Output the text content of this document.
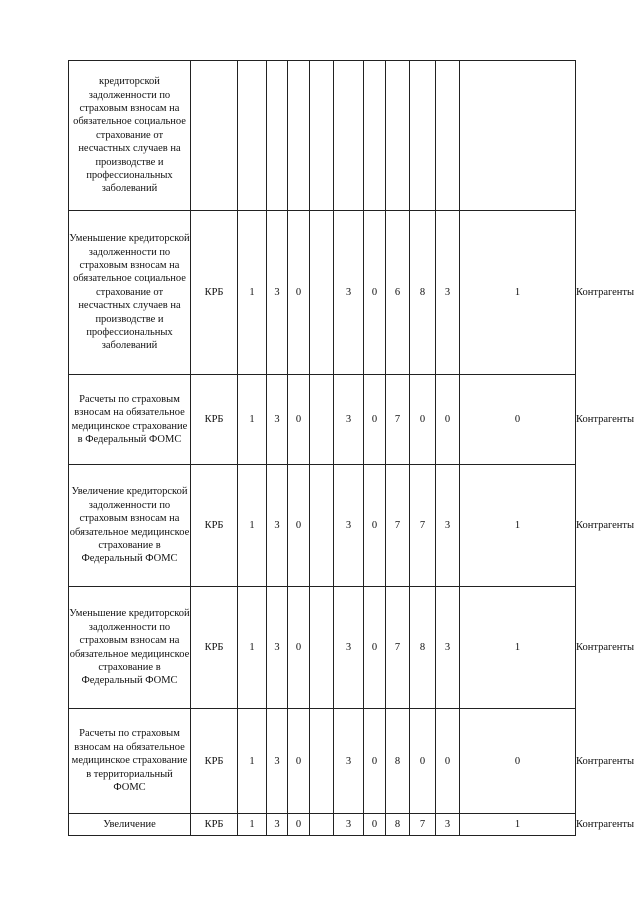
кредиторской задолженности по страховым взносам на обязательное социальное страхование от несчастных случаев на производстве и профессиональных заболеваний												
Уменьшение кредиторской задолженности по страховым взносам на обязательное социальное страхование от несчастных случаев на производстве и профессиональных заболеваний	КРБ	1	3	0		3	0	6	8	3	1	Контрагенты
Расчеты по страховым взносам на обязательное медицинское страхование в Федеральный ФОМС	КРБ	1	3	0		3	0	7	0	0	0	Контрагенты
Увеличение кредиторской задолженности по страховым взносам на обязательное медицинское страхование в Федеральный ФОМС	КРБ	1	3	0		3	0	7	7	3	1	Контрагенты
Уменьшение кредиторской задолженности по страховым взносам на обязательное медицинское страхование в Федеральный ФОМС	КРБ	1	3	0		3	0	7	8	3	1	Контрагенты
Расчеты по страховым взносам на обязательное медицинское страхование в территориальный ФОМС	КРБ	1	3	0		3	0	8	0	0	0	Контрагенты
Увеличение	КРБ	1	3	0		3	0	8	7	3	1	Контрагенты
